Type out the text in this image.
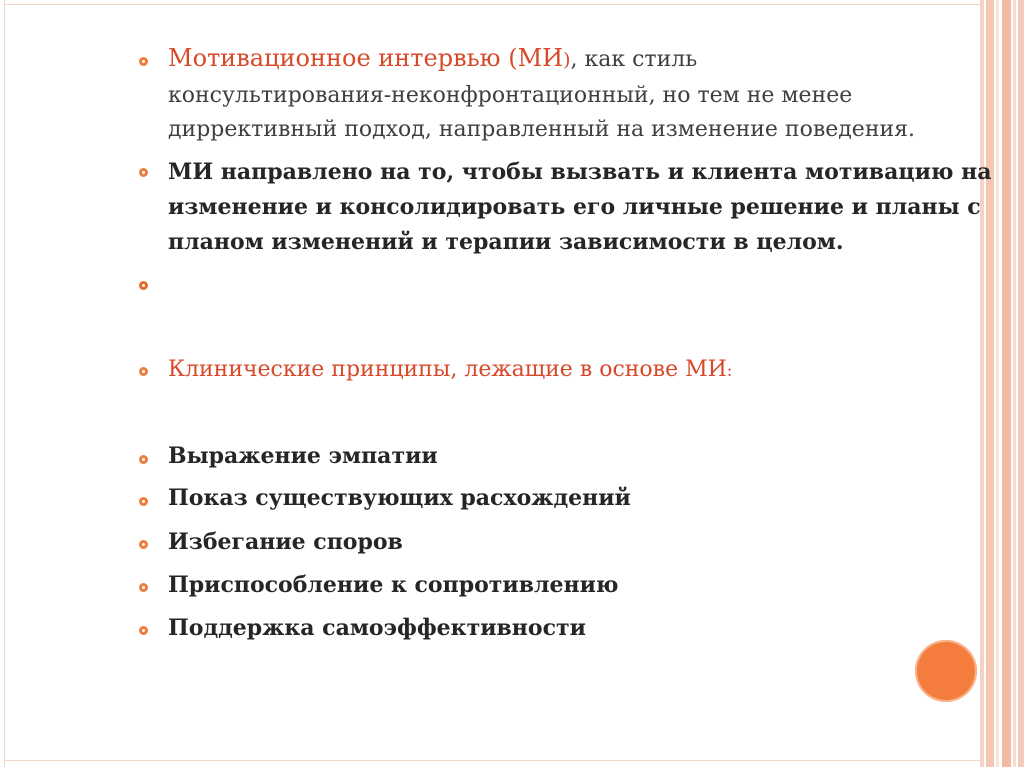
Мотивационное интервью (МИ), как стиль
консультирования-неконфронтационный, но тем не менее
диррективный подход, направленный на изменение поведения.
МИ направлено на то, чтобы вызвать и клиента мотивацию на
изменение и консолидировать его личные решение и планы с
планом изменений и терапии зависимости в целом.
Клинические принципы, лежащие в основе МИ:
Выражение эмпатии
Показ существующих расхождений
Избегание споров
Приспособление к сопротивлению
Поддержка самоэффективности
